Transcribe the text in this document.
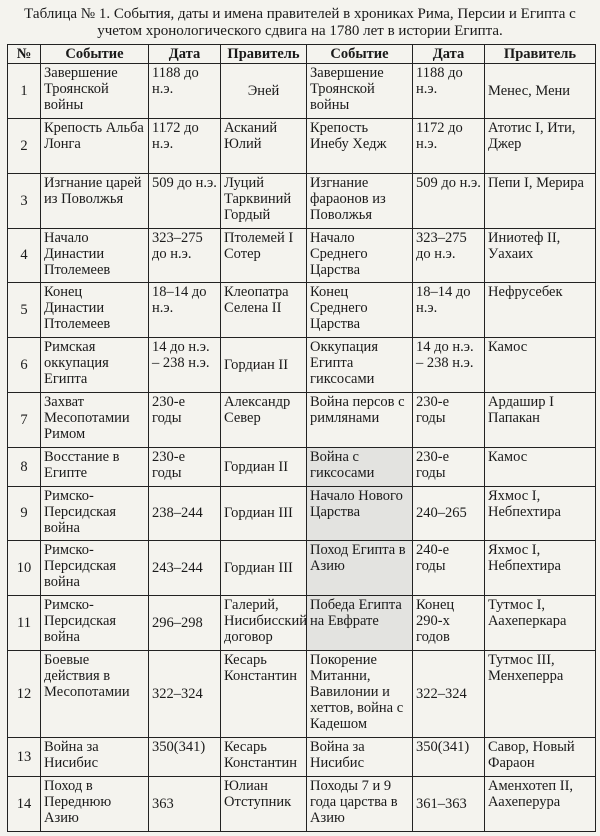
Таблица № 1. События, даты и имена правителей в хрониках Рима, Персии и Египта с учетом хронологического сдвига на 1780 лет в истории Египта.
№	Событие	Дата	Правитель	Событие	Дата	Правитель
1	Завершение Троянской войны	1188 до н.э.	Эней	Завершение Троянской войны	1188 до н.э.	Менес, Мени
2	Крепость Альба Лонга	1172 до н.э.	Асканий Юлий	Крепость Инебу Хедж	1172 до н.э.	Атотис I, Ити, Джер
3	Изгнание царей из Поволжья	509 до н.э.	Луций Тарквиний Гордый	Изгнание фараонов из Поволжья	509 до н.э.	Пепи I, Мерира
4	Начало Династии Птолемеев	323–275 до н.э.	Птолемей I Сотер	Начало Среднего Царства	323–275 до н.э.	Иниотеф II, Уахаих
5	Конец Династии Птолемеев	18–14 до н.э.	Клеопатра Селена II	Конец Среднего Царства	18–14 до н.э.	Нефрусебек
6	Римская оккупация Египта	14 до н.э. – 238 н.э.	Гордиан II	Оккупация Египта гиксосами	14 до н.э. – 238 н.э.	Камос
7	Захват Месопотамии Римом	230-е годы	Александр Север	Война персов с римлянами	230-е годы	Ардашир I Папакан
8	Восстание в Египте	230-е годы	Гордиан II	Война с гиксосами	230-е годы	Камос
9	Римско-Персидская война	238–244	Гордиан III	Начало Нового Царства	240–265	Яхмос I, Небпехтира
10	Римско-Персидская война	243–244	Гордиан III	Поход Египта в Азию	240-е годы	Яхмос I, Небпехтира
11	Римско-Персидская война	296–298	Галерий, Нисибисский договор	Победа Египта на Евфрате	Конец 290-х годов	Тутмос I, Аахеперкара
12	Боевые действия в Месопотамии	322–324	Кесарь Константин	Покорение Митанни, Вавилонии и хеттов, война с Кадешом	322–324	Тутмос III, Менхеперра
13	Война за Нисибис	350(341)	Кесарь Константин	Война за Нисибис	350(341)	Савор, Новый Фараон
14	Поход в Переднюю Азию	363	Юлиан Отступник	Походы 7 и 9 года царства в Азию	361–363	Аменхотеп II, Аахеперура
